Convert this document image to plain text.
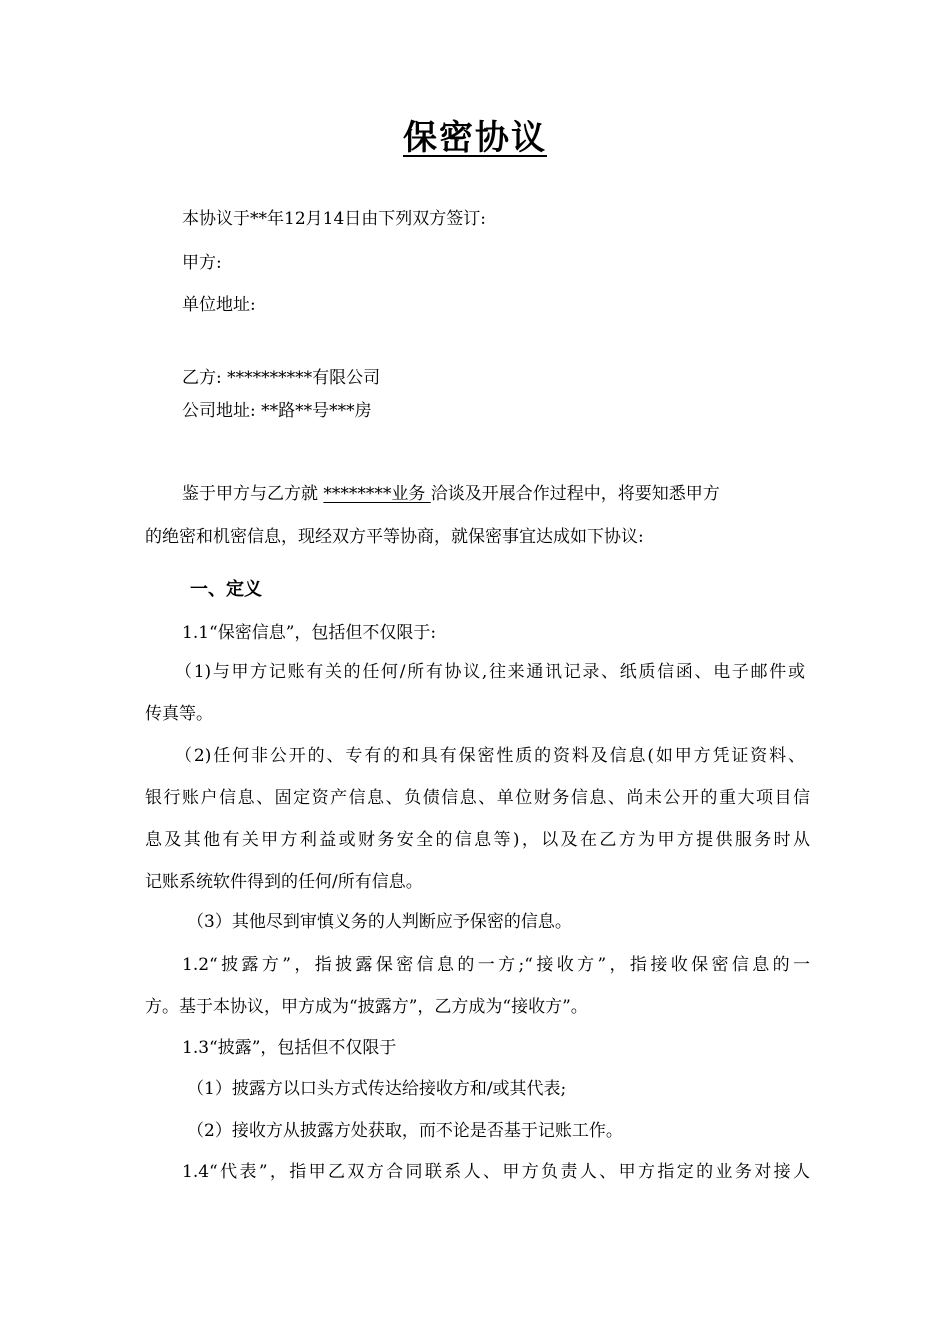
保密协议
本协议于**年12月14日由下列双方签订:
甲方:
单位地址:
乙方: **********有限公司
公司地址: **路**号***房
鉴于甲方与乙方就 ********业务 洽谈及开展合作过程中，将要知悉甲方
的绝密和机密信息，现经双方平等协商，就保密事宜达成如下协议:
一、定义
1.1“保密信息”，包括但不仅限于:
（1)与甲方记账有关的任何/所有协议,往来通讯记录、纸质信函、电子邮件或
传真等。
（2)任何非公开的、专有的和具有保密性质的资料及信息(如甲方凭证资料、
银行账户信息、固定资产信息、负债信息、单位财务信息、尚未公开的重大项目信
息及其他有关甲方利益或财务安全的信息等)，以及在乙方为甲方提供服务时从
记账系统软件得到的任何/所有信息。
（3）其他尽到审慎义务的人判断应予保密的信息。
1.2“披露方”，指披露保密信息的一方;“接收方”，指接收保密信息的一
方。基于本协议，甲方成为“披露方”，乙方成为“接收方”。
1.3“披露”，包括但不仅限于
（1）披露方以口头方式传达给接收方和/或其代表;
（2）接收方从披露方处获取，而不论是否基于记账工作。
1.4“代表”，指甲乙双方合同联系人、甲方负责人、甲方指定的业务对接人
